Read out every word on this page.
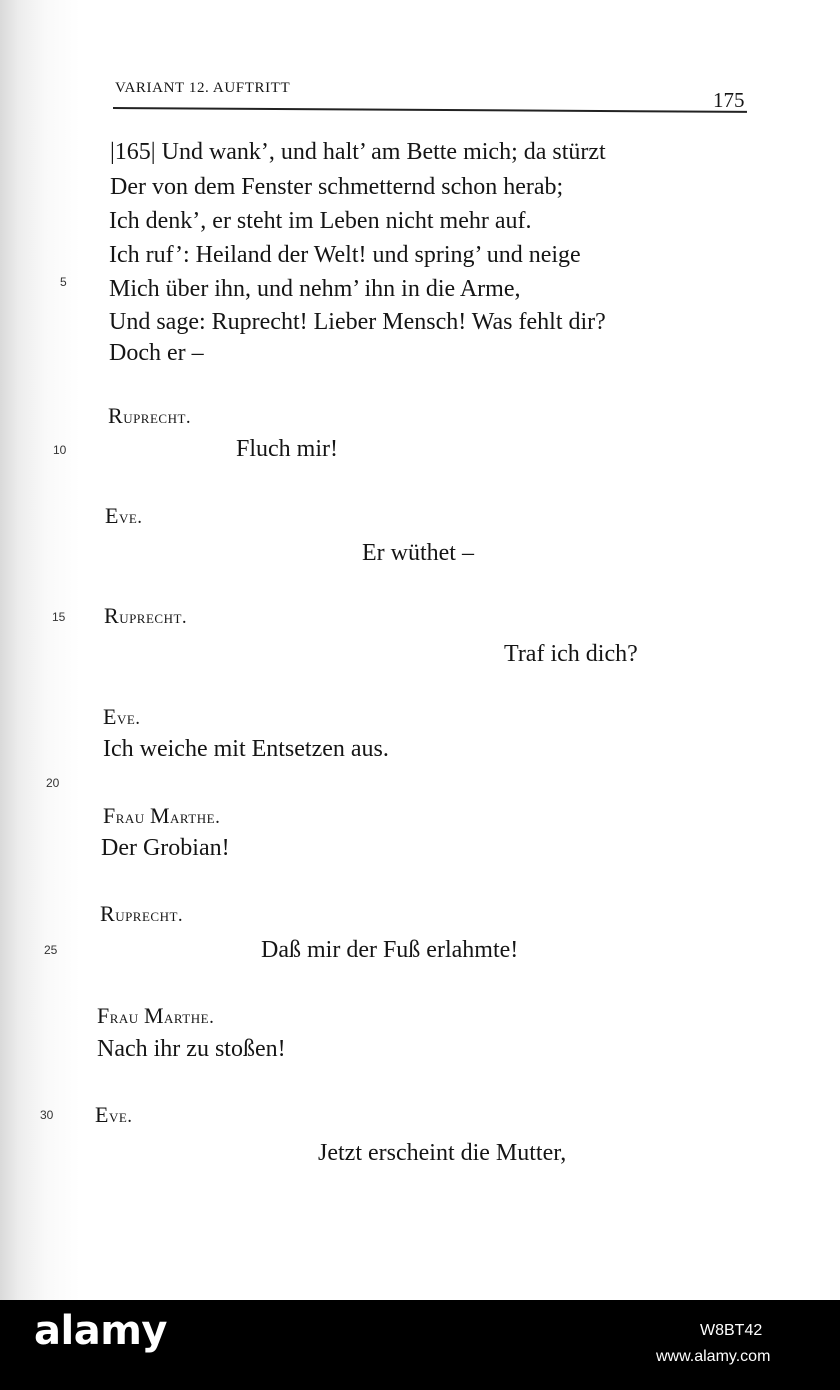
VARIANT 12. AUFTRITT	175
|165| Und wank’, und halt’ am Bette mich; da stürzt
Der von dem Fenster schmetternd schon herab;
Ich denk’, er steht im Leben nicht mehr auf.
Ich ruf’: Heiland der Welt! und spring’ und neige
Mich über ihn, und nehm’ ihn in die Arme,
Und sage: Ruprecht! Lieber Mensch! Was fehlt dir?
Doch er –
Ruprecht.
Fluch mir!
Eve.
Er wüthet –
Ruprecht.
Traf ich dich?
Eve.
Ich weiche mit Entsetzen aus.
Frau Marthe.
Der Grobian!
Ruprecht.
Daß mir der Fuß erlahmte!
Frau Marthe.
Nach ihr zu stoßen!
Eve.
Jetzt erscheint die Mutter,
5
10
15
20
25
30
alamy	W8BT42
www.alamy.com
